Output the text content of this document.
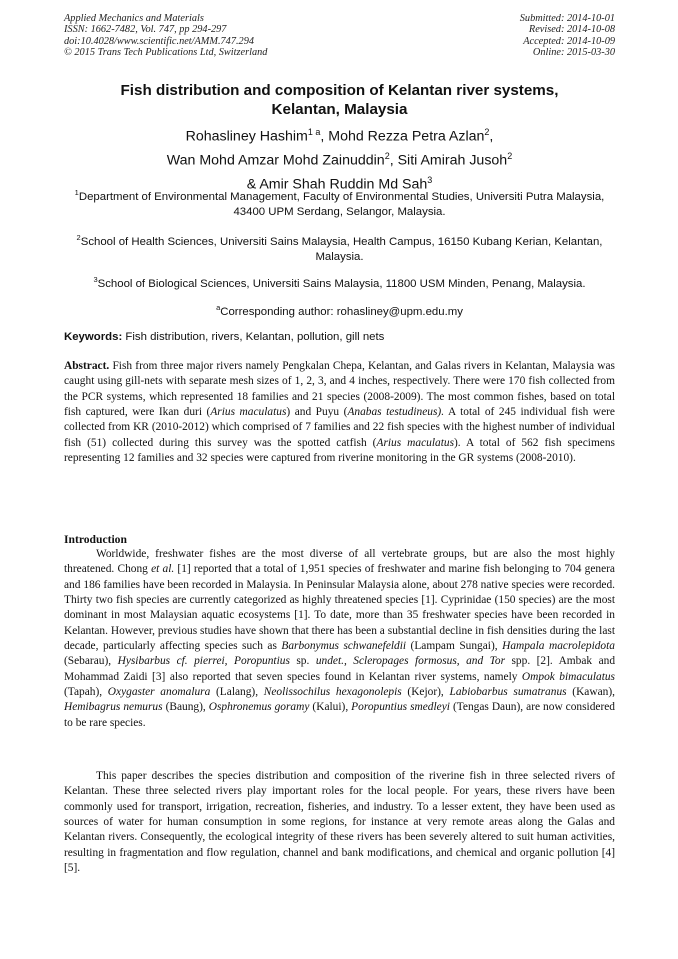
Applied Mechanics and Materials
ISSN: 1662-7482, Vol. 747, pp 294-297
doi:10.4028/www.scientific.net/AMM.747.294
© 2015 Trans Tech Publications Ltd, Switzerland
Submitted: 2014-10-01
Revised: 2014-10-08
Accepted: 2014-10-09
Online: 2015-03-30
Fish distribution and composition of Kelantan river systems,
Kelantan, Malaysia
Rohasliney Hashim$^{1 a}$, Mohd Rezza Petra Azlan$^2$,
Wan Mohd Amzar Mohd Zainuddin$^2$, Siti Amirah Jusoh$^2$
& Amir Shah Ruddin Md Sah$^3$
$^1$Department of Environmental Management, Faculty of Environmental Studies, Universiti Putra Malaysia, 43400 UPM Serdang, Selangor, Malaysia.
$^2$School of Health Sciences, Universiti Sains Malaysia, Health Campus, 16150 Kubang Kerian, Kelantan, Malaysia.
$^3$School of Biological Sciences, Universiti Sains Malaysia, 11800 USM Minden, Penang, Malaysia.
$^a$Corresponding author: rohasliney@upm.edu.my
Keywords: Fish distribution, rivers, Kelantan, pollution, gill nets
Abstract. Fish from three major rivers namely Pengkalan Chepa, Kelantan, and Galas rivers in Kelantan, Malaysia was caught using gill-nets with separate mesh sizes of 1, 2, 3, and 4 inches, respectively. There were 170 fish collected from the PCR systems, which represented 18 families and 21 species (2008-2009). The most common fishes, based on total fish captured, were Ikan duri (Arius maculatus) and Puyu (Anabas testudineus). A total of 245 individual fish were collected from KR (2010-2012) which comprised of 7 families and 22 fish species with the highest number of individual fish (51) collected during this survey was the spotted catfish (Arius maculatus). A total of 562 fish specimens representing 12 families and 32 species were captured from riverine monitoring in the GR systems (2008-2010).
Introduction

Worldwide, freshwater fishes are the most diverse of all vertebrate groups, but are also the most highly threatened. Chong et al. [1] reported that a total of 1,951 species of freshwater and marine fish belonging to 704 genera and 186 families have been recorded in Malaysia. In Peninsular Malaysia alone, about 278 native species were recorded. Thirty two fish species are currently categorized as highly threatened species [1]. Cyprinidae (150 species) are the most dominant in most Malaysian aquatic ecosystems [1]. To date, more than 35 freshwater species have been recorded in Kelantan. However, previous studies have shown that there has been a substantial decline in fish densities during the last decade, particularly affecting species such as Barbonymus schwanefeldii (Lampam Sungai), Hampala macrolepidota (Sebarau), Hysibarbus cf. pierrei, Poropuntius sp. undet., Scleropages formosus, and Tor spp. [2]. Ambak and Mohammad Zaidi [3] also reported that seven species found in Kelantan river systems, namely Ompok bimaculatus (Tapah), Oxygaster anomalura (Lalang), Neolissochilus hexagonolepis (Kejor), Labiobarbus sumatranus (Kawan), Hemibagrus nemurus (Baung), Osphronemus goramy (Kalui), Poropuntius smedleyi (Tengas Daun), are now considered to be rare species.

This paper describes the species distribution and composition of the riverine fish in three selected rivers of Kelantan. These three selected rivers play important roles for the local people. For years, these rivers have been commonly used for transport, irrigation, recreation, fisheries, and industry. To a lesser extent, they have been used as sources of water for human consumption in some regions, for instance at very remote areas along the Galas and Kelantan rivers. Consequently, the ecological integrity of these rivers has been severely altered to suit human activities, resulting in fragmentation and flow regulation, channel and bank modifications, and chemical and organic pollution [4] [5].
